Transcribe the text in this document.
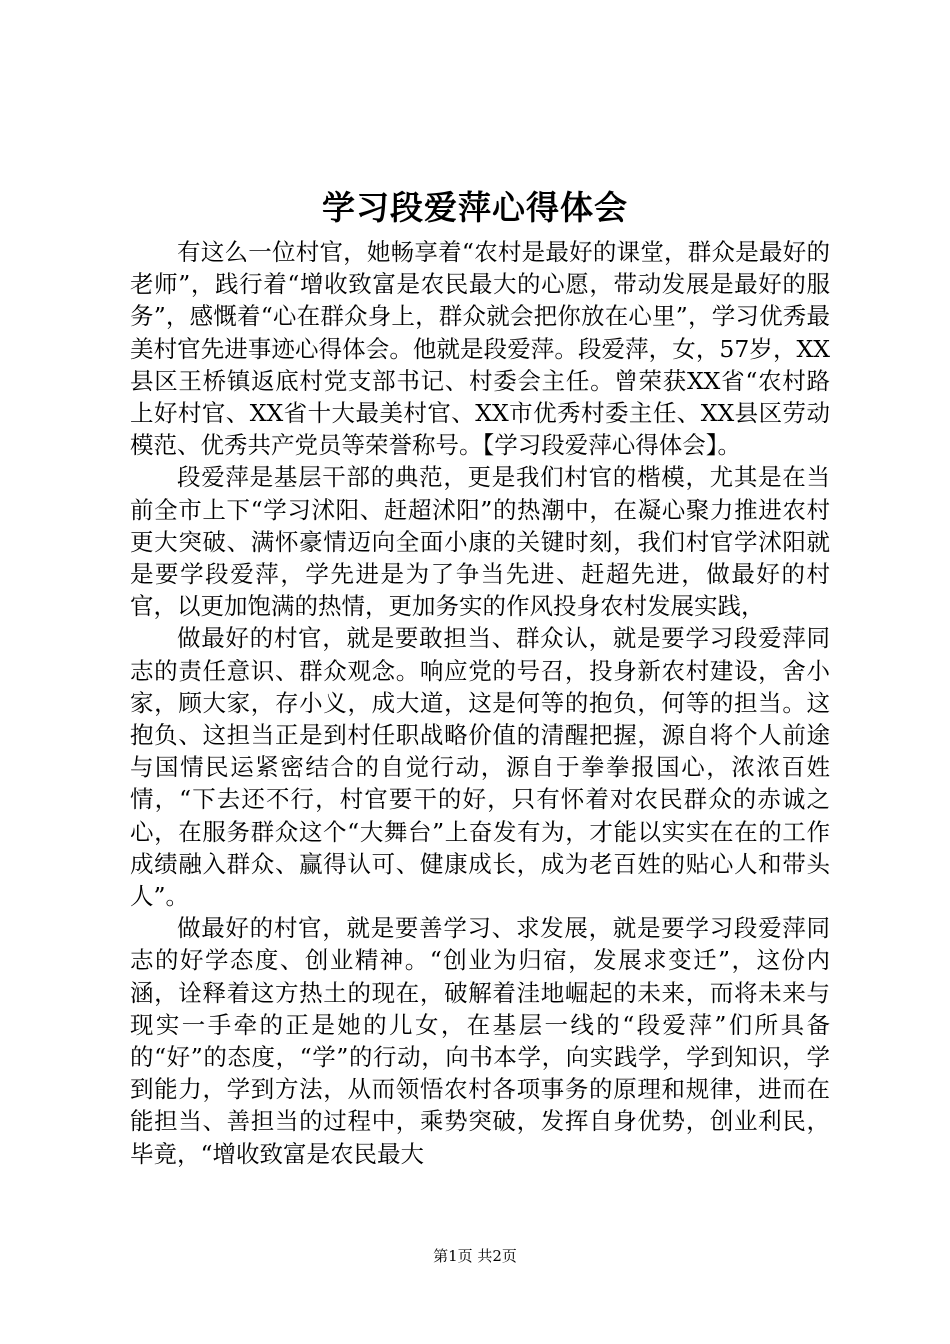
学习段爱萍心得体会

有这么一位村官，她畅享着“农村是最好的课堂，群众是最好的老师”，践行着“增收致富是农民最大的心愿，带动发展是最好的服务”，感慨着“心在群众身上，群众就会把你放在心里”，学习优秀最美村官先进事迹心得体会。他就是段爱萍。段爱萍，女，57岁，XX县区王桥镇返底村党支部书记、村委会主任。曾荣获XX省“农村路上好村官、XX省十大最美村官、XX市优秀村委主任、XX县区劳动模范、优秀共产党员等荣誉称号。【学习段爱萍心得体会】。

段爱萍是基层干部的典范，更是我们村官的楷模，尤其是在当前全市上下“学习沭阳、赶超沭阳”的热潮中，在凝心聚力推进农村更大突破、满怀豪情迈向全面小康的关键时刻，我们村官学沭阳就是要学段爱萍，学先进是为了争当先进、赶超先进，做最好的村官，以更加饱满的热情，更加务实的作风投身农村发展实践，

做最好的村官，就是要敢担当、群众认，就是要学习段爱萍同志的责任意识、群众观念。响应党的号召，投身新农村建设，舍小家，顾大家，存小义，成大道，这是何等的抱负，何等的担当。这抱负、这担当正是到村任职战略价值的清醒把握，源自将个人前途与国情民运紧密结合的自觉行动，源自于拳拳报国心，浓浓百姓情，“下去还不行，村官要干的好，只有怀着对农民群众的赤诚之心，在服务群众这个“大舞台”上奋发有为，才能以实实在在的工作成绩融入群众、赢得认可、健康成长，成为老百姓的贴心人和带头人”。

做最好的村官，就是要善学习、求发展，就是要学习段爱萍同志的好学态度、创业精神。“创业为归宿，发展求变迁”，这份内涵，诠释着这方热土的现在，破解着洼地崛起的未来，而将未来与现实一手牵的正是她的儿女，在基层一线的“段爱萍”们所具备的“好”的态度，“学”的行动，向书本学，向实践学，学到知识，学到能力，学到方法，从而领悟农村各项事务的原理和规律，进而在能担当、善担当的过程中，乘势突破，发挥自身优势，创业利民，毕竟，“增收致富是农民最大

第1页 共2页
